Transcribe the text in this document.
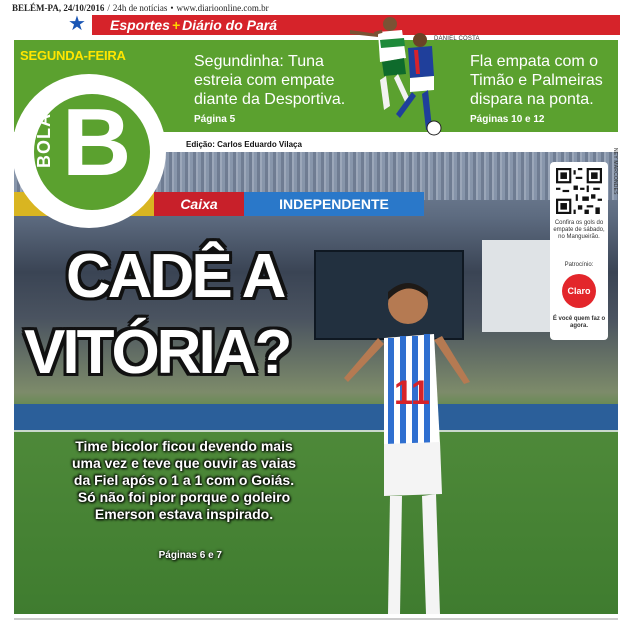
BELÉM-PA, 24/10/2016 / 24h de notícias • www.diarioonline.com.br
★ Esportes + Diário do Pará
SEGUNDA-FEIRA	Segundinha: Tuna estreia com empate diante da Desportiva.
Página 5
Fla empata com o Timão e Palmeiras dispara na ponta.
Páginas 10 e 12
DANIEL COSTA
Caixa	INDEPENDENTE
11
B
BOLA	Edição: Carlos Eduardo Vilaça
NEY MARCONDES
Confira os gols do empate de sábado, no Mangueirão.
Patrocínio:
Claro
É você quem faz o agora.
CADÊ A
VITÓRIA?
Time bicolor ficou devendo mais uma vez e teve que ouvir as vaias da Fiel após o 1 a 1 com o Goiás. Só não foi pior porque o goleiro Emerson estava inspirado.
Páginas 6 e 7
